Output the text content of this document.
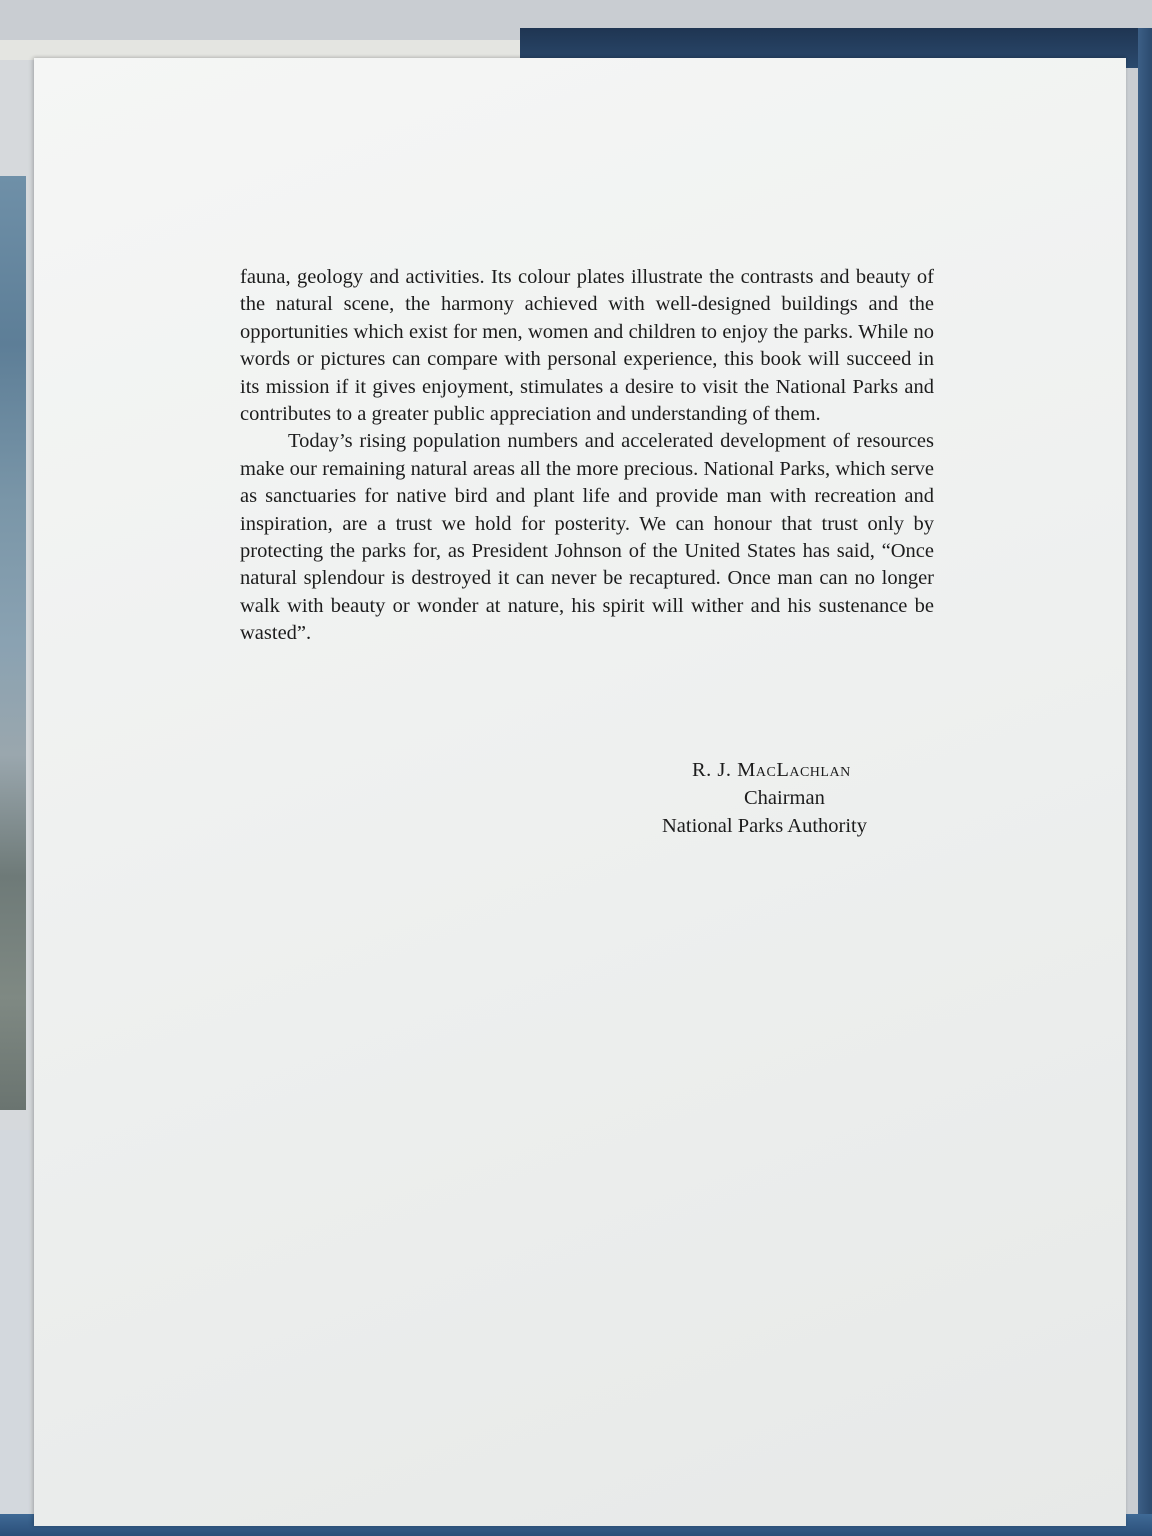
fauna, geology and activities. Its colour plates illustrate the contrasts and beauty of the natural scene, the harmony achieved with well-designed buildings and the opportunities which exist for men, women and children to enjoy the parks. While no words or pictures can compare with personal experience, this book will succeed in its mission if it gives enjoyment, stimulates a desire to visit the National Parks and contributes to a greater public appreciation and understanding of them.

Today’s rising population numbers and accelerated development of resources make our remaining natural areas all the more precious. National Parks, which serve as sanctuaries for native bird and plant life and provide man with recreation and inspiration, are a trust we hold for posterity. We can honour that trust only by protecting the parks for, as President Johnson of the United States has said, “Once natural splendour is destroyed it can never be recaptured. Once man can no longer walk with beauty or wonder at nature, his spirit will wither and his sustenance be wasted”.

R. J. MacLachlan
Chairman
National Parks Authority
